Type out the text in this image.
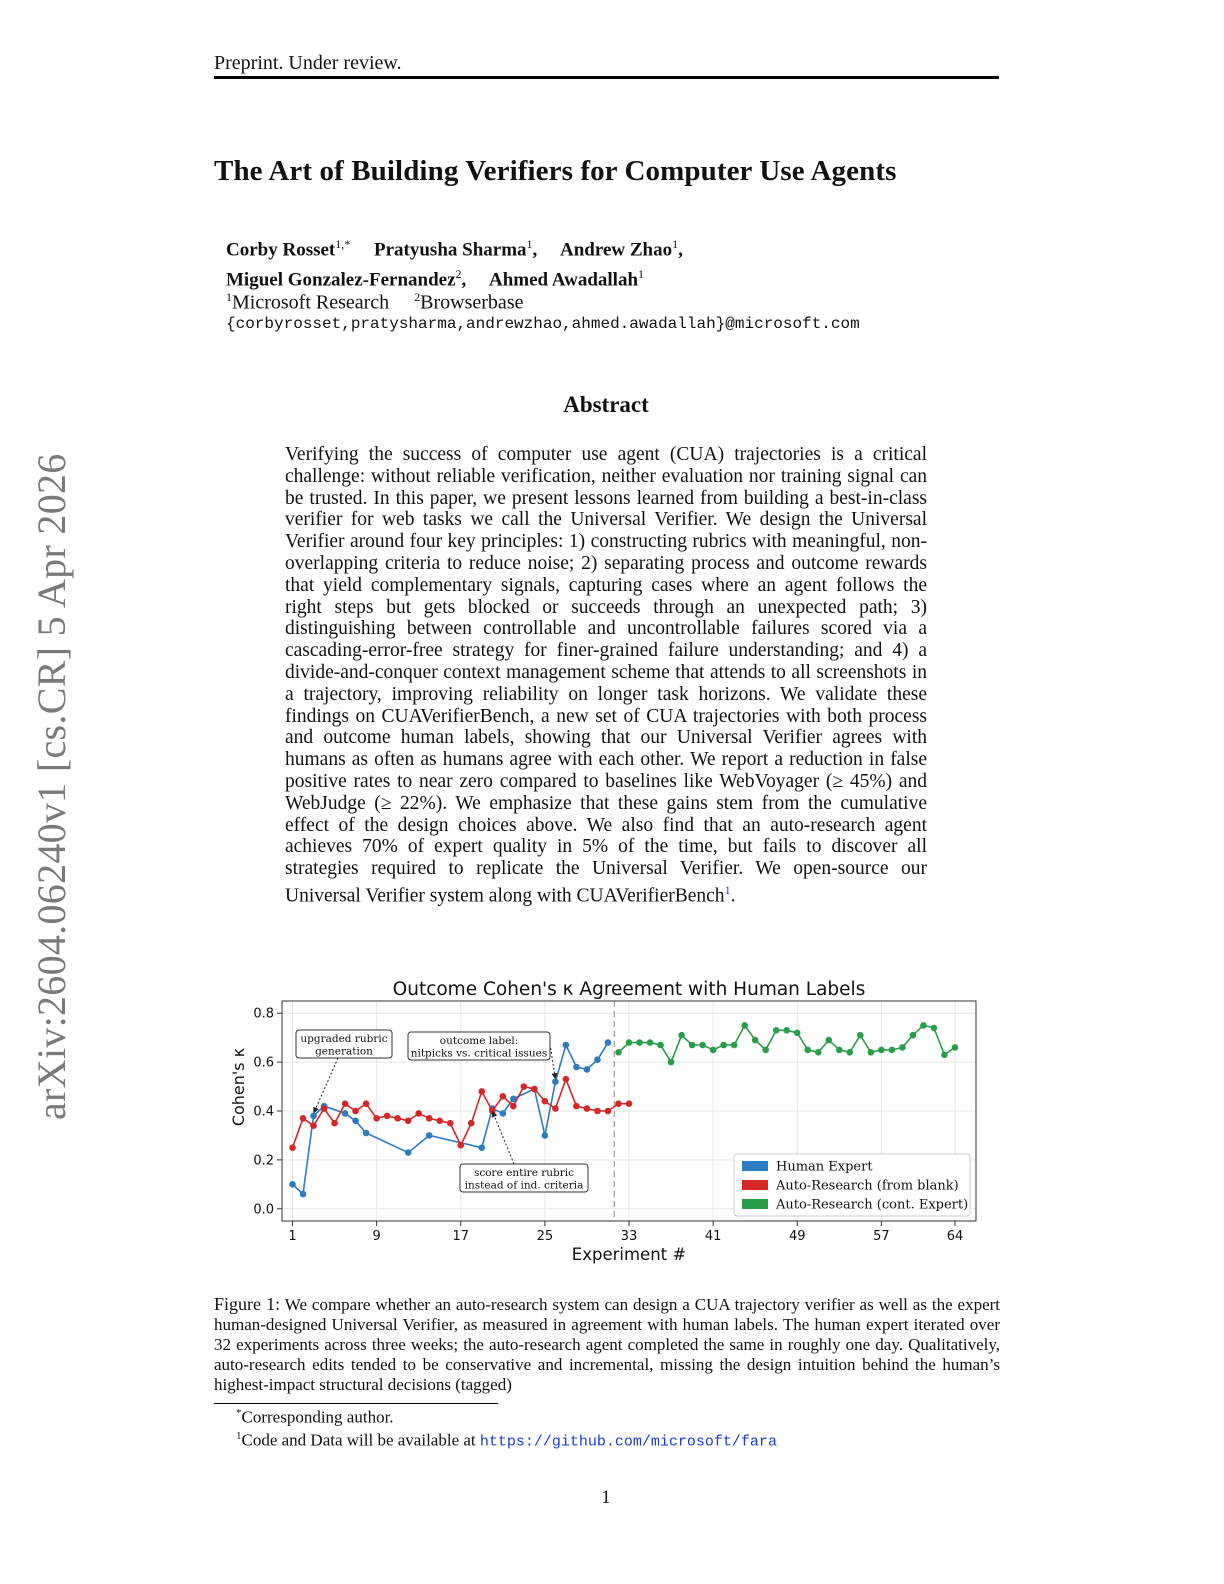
Preprint. Under review.
arXiv:2604.06240v1 [cs.CR] 5 Apr 2026
The Art of Building Verifiers for Computer Use Agents
Corby Rosset$^{1,*}$ Pratyusha Sharma$^1$,     Andrew Zhao$^1$,
Miguel Gonzalez-Fernandez$^2$,     Ahmed Awadallah$^1$
$^1$Microsoft Research $^2$Browserbase
{corbyrosset,pratysharma,andrewzhao,ahmed.awadallah}@microsoft.com
Abstract
Verifying the success of computer use agent (CUA) trajectories is a critical challenge: without reliable verification, neither evaluation nor training signal can be trusted. In this paper, we present lessons learned from building a best-in-class verifier for web tasks we call the Universal Verifier. We design the Universal Verifier around four key principles: 1) constructing rubrics with meaningful, non-overlapping criteria to reduce noise; 2) separating process and outcome rewards that yield complementary signals, capturing cases where an agent follows the right steps but gets blocked or succeeds through an unexpected path; 3) distinguishing between controllable and uncontrollable failures scored via a cascading-error-free strategy for finer-grained failure understanding; and 4) a divide-and-conquer context management scheme that attends to all screenshots in a trajectory, improving reliability on longer task horizons. We validate these findings on CUAVerifierBench, a new set of CUA trajectories with both process and outcome human labels, showing that our Universal Verifier agrees with humans as often as humans agree with each other. We report a reduction in false positive rates to near zero compared to baselines like WebVoyager (≥ 45%) and WebJudge (≥ 22%). We emphasize that these gains stem from the cumulative effect of the design choices above. We also find that an auto-research agent achieves 70% of expert quality in 5% of the time, but fails to discover all strategies required to replicate the Universal Verifier. We open-source our Universal Verifier system along with CUAVerifierBench$^1$.
Outcome Cohen's κ Agreement with Human Labels
1	9	17	25	33	41	49	57	64
0.0
0.2
0.4
0.6
0.8
Experiment #
Cohen's κ
upgraded rubric
generation
outcome label:
nitpicks vs. critical issues
score entire rubric
instead of ind. criteria
Human Expert
Auto-Research (from blank)
Auto-Research (cont. Expert)
Figure 1: We compare whether an auto-research system can design a CUA trajectory verifier as well as the expert human-designed Universal Verifier, as measured in agreement with human labels. The human expert iterated over 32 experiments across three weeks; the auto-research agent completed the same in roughly one day. Qualitatively, auto-research edits tended to be conservative and incremental, missing the design intuition behind the human’s highest-impact structural decisions (tagged)
*Corresponding author.
$^1$Code and Data will be available at https://github.com/microsoft/fara
1
